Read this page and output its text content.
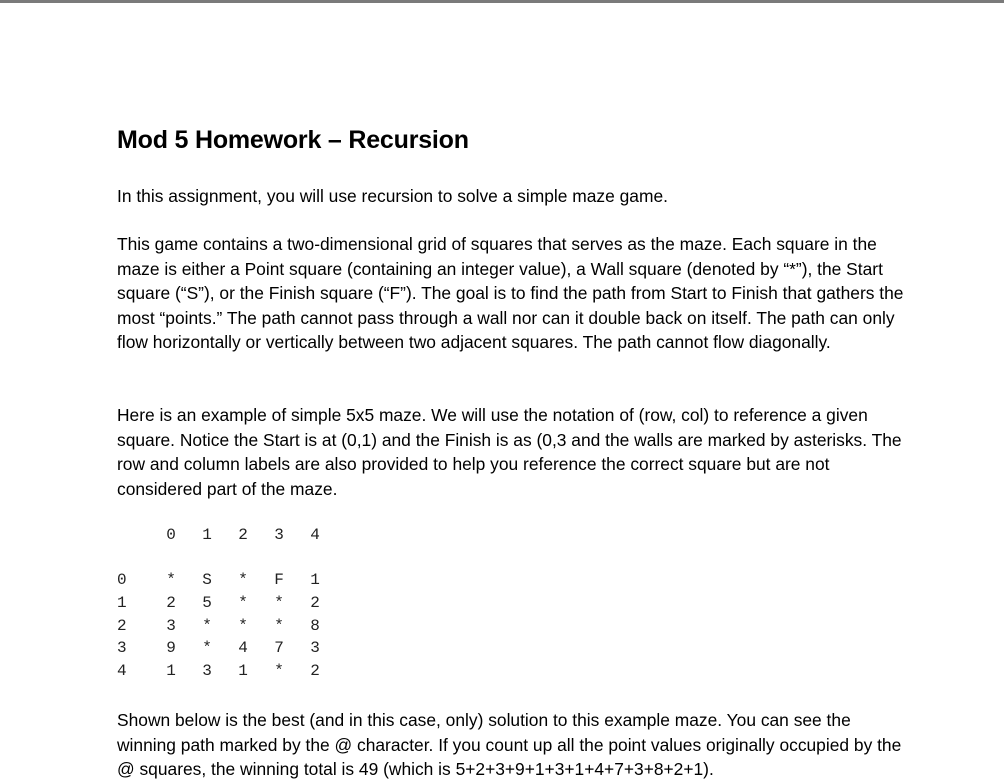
Mod 5 Homework – Recursion

In this assignment, you will use recursion to solve a simple maze game.

This game contains a two-dimensional grid of squares that serves as the maze. Each square in the maze is either a Point square (containing an integer value), a Wall square (denoted by “*”), the Start square (“S”), or the Finish square (“F”). The goal is to find the path from Start to Finish that gathers the most “points.” The path cannot pass through a wall nor can it double back on itself. The path can only flow horizontally or vertically between two adjacent squares. The path cannot flow diagonally.

Here is an example of simple 5x5 maze. We will use the notation of (row, col) to reference a given square. Notice the Start is at (0,1) and the Finish is as (0,3 and the walls are marked by asterisks. The row and column labels are also provided to help you reference the correct square but are not considered part of the maze.

Shown below is the best (and in this case, only) solution to this example maze. You can see the winning path marked by the @ character. If you count up all the point values originally occupied by the @ squares, the winning total is 49 (which is 5+2+3+9+1+3+1+4+7+3+8+2+1).

0	1	2	3	4
0	*	S	*	F	1
1	2	5	*	*	2
2	3	*	*	*	8
3	9	*	4	7	3
4	1	3	1	*	2
